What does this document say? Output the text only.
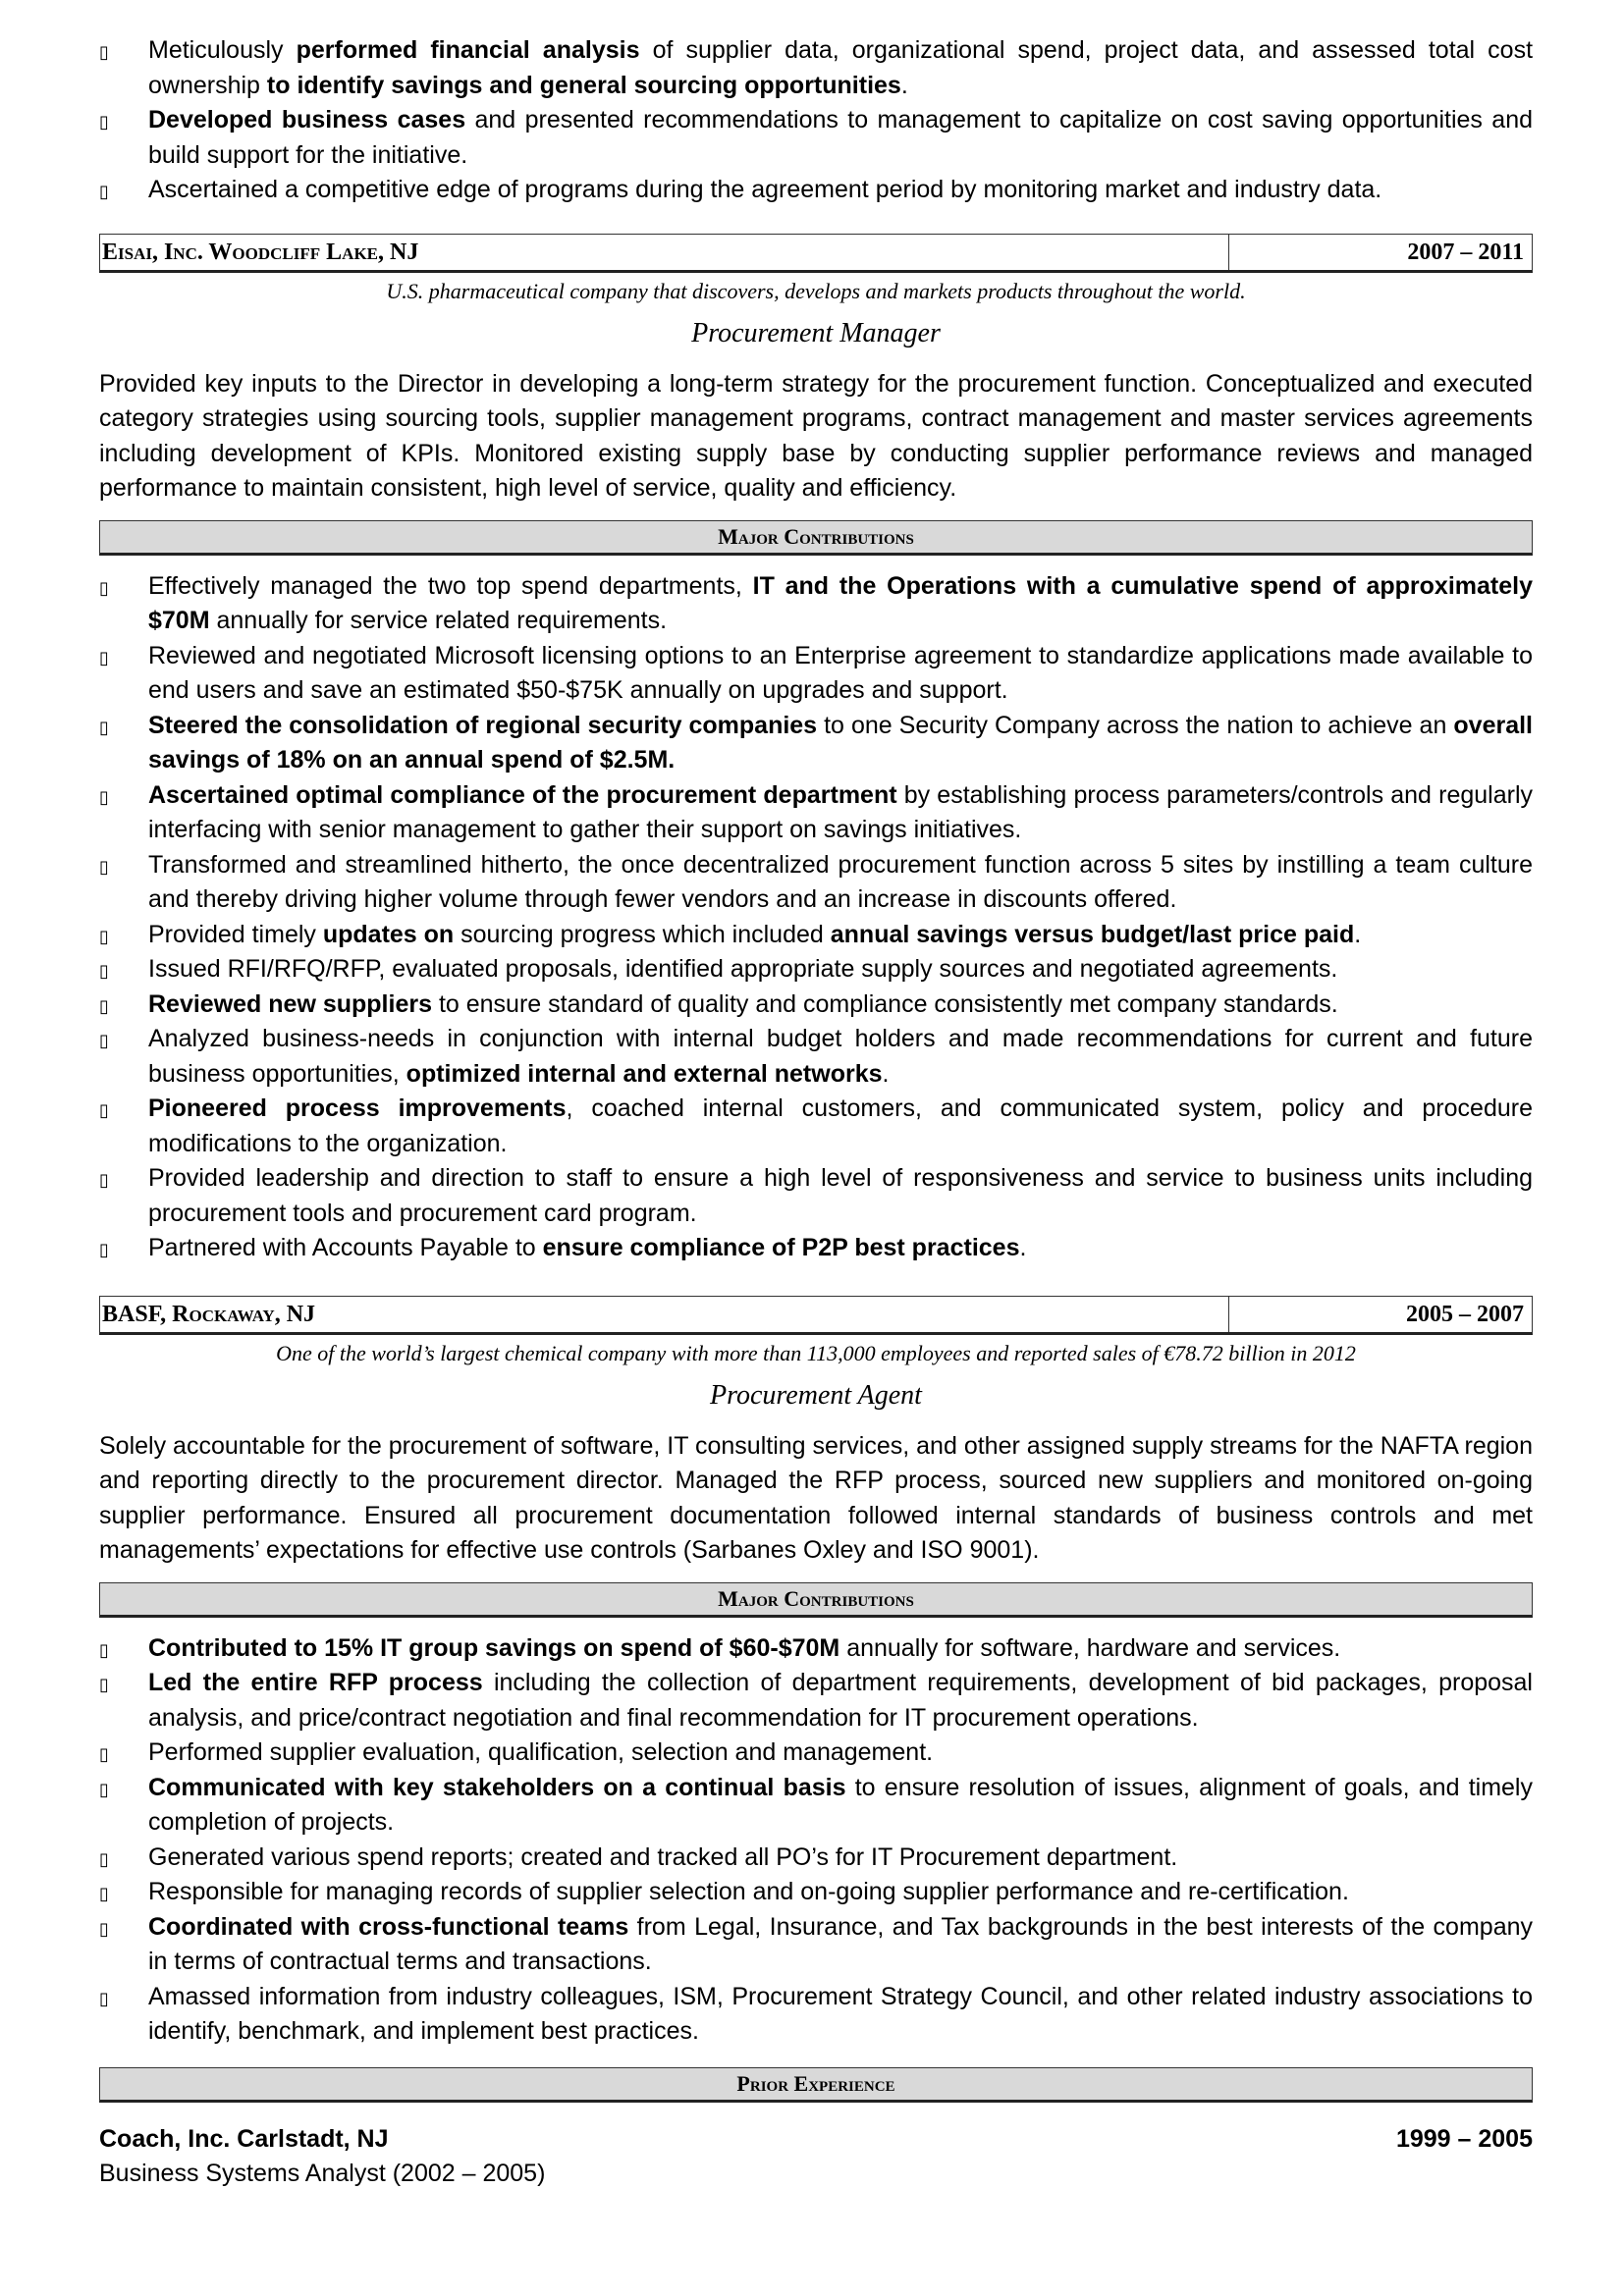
▯
Meticulously performed financial analysis of supplier data, organizational spend, project data, and assessed total cost ownership to identify savings and general sourcing opportunities.
▯
Developed business cases and presented recommendations to management to capitalize on cost saving opportunities and build support for the initiative.
▯
Ascertained a competitive edge of programs during the agreement period by monitoring market and industry data.
Eisai, Inc. Woodcliff Lake, NJ	2007 – 2011
U.S. pharmaceutical company that discovers, develops and markets products throughout the world.
Procurement Manager
Provided key inputs to the Director in developing a long-term strategy for the procurement function. Conceptualized and executed category strategies using sourcing tools, supplier management programs, contract management and master services agreements including development of KPIs. Monitored existing supply base by conducting supplier performance reviews and managed performance to maintain consistent, high level of service, quality and efficiency.
Major Contributions
▯
Effectively managed the two top spend departments, IT and the Operations with a cumulative spend of approximately $70M annually for service related requirements.
▯
Reviewed and negotiated Microsoft licensing options to an Enterprise agreement to standardize applications made available to end users and save an estimated $50-$75K annually on upgrades and support.
▯
Steered the consolidation of regional security companies to one Security Company across the nation to achieve an overall savings of 18% on an annual spend of $2.5M.
▯
Ascertained optimal compliance of the procurement department by establishing process parameters/controls and regularly interfacing with senior management to gather their support on savings initiatives.
▯
Transformed and streamlined hitherto, the once decentralized procurement function across 5 sites by instilling a team culture and thereby driving higher volume through fewer vendors and an increase in discounts offered.
▯
Provided timely updates on sourcing progress which included annual savings versus budget/last price paid.
▯
Issued RFI/RFQ/RFP, evaluated proposals, identified appropriate supply sources and negotiated agreements.
▯
Reviewed new suppliers to ensure standard of quality and compliance consistently met company standards.
▯
Analyzed business-needs in conjunction with internal budget holders and made recommendations for current and future business opportunities, optimized internal and external networks.
▯
Pioneered process improvements, coached internal customers, and communicated system, policy and procedure modifications to the organization.
▯
Provided leadership and direction to staff to ensure a high level of responsiveness and service to business units including procurement tools and procurement card program.
▯
Partnered with Accounts Payable to ensure compliance of P2P best practices.
BASF, Rockaway, NJ	2005 – 2007
One of the world’s largest chemical company with more than 113,000 employees and reported sales of €78.72 billion in 2012
Procurement Agent
Solely accountable for the procurement of software, IT consulting services, and other assigned supply streams for the NAFTA region and reporting directly to the procurement director. Managed the RFP process, sourced new suppliers and monitored on-going supplier performance. Ensured all procurement documentation followed internal standards of business controls and met managements’ expectations for effective use controls (Sarbanes Oxley and ISO 9001).
Major Contributions
▯
Contributed to 15% IT group savings on spend of $60-$70M annually for software, hardware and services.
▯
Led the entire RFP process including the collection of department requirements, development of bid packages, proposal analysis, and price/contract negotiation and final recommendation for IT procurement operations.
▯
Performed supplier evaluation, qualification, selection and management.
▯
Communicated with key stakeholders on a continual basis to ensure resolution of issues, alignment of goals, and timely completion of projects.
▯
Generated various spend reports; created and tracked all PO’s for IT Procurement department.
▯
Responsible for managing records of supplier selection and on-going supplier performance and re-certification.
▯
Coordinated with cross-functional teams from Legal, Insurance, and Tax backgrounds in the best interests of the company in terms of contractual terms and transactions.
▯
Amassed information from industry colleagues, ISM, Procurement Strategy Council, and other related industry associations to identify, benchmark, and implement best practices.
Prior Experience
Coach, Inc. Carlstadt, NJ	1999 – 2005
Business Systems Analyst (2002 – 2005)
